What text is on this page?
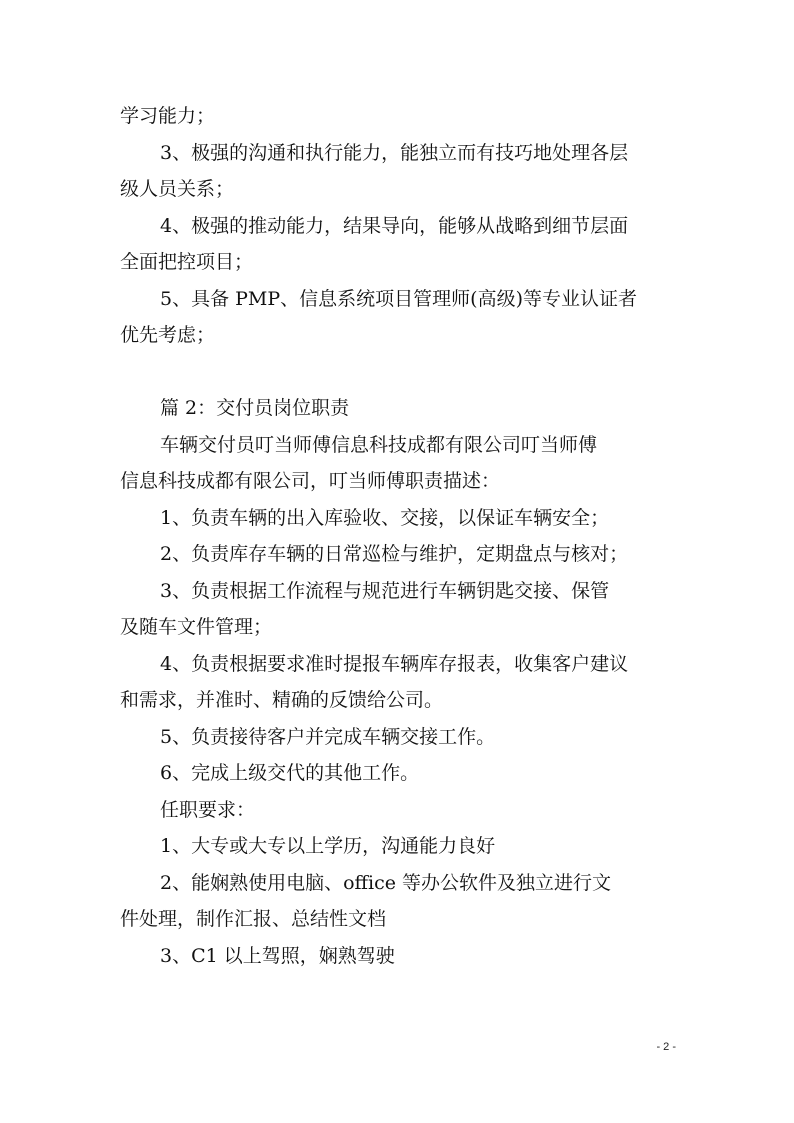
学习能力；
3、极强的沟通和执行能力，能独立而有技巧地处理各层
级人员关系；
4、极强的推动能力，结果导向，能够从战略到细节层面
全面把控项目；
5、具备 PMP、信息系统项目管理师(高级)等专业认证者
优先考虑；
篇 2：交付员岗位职责
车辆交付员叮当师傅信息科技成都有限公司叮当师傅
信息科技成都有限公司，叮当师傅职责描述：
1、负责车辆的出入库验收、交接，以保证车辆安全；
2、负责库存车辆的日常巡检与维护，定期盘点与核对；
3、负责根据工作流程与规范进行车辆钥匙交接、保管
及随车文件管理；
4、负责根据要求准时提报车辆库存报表，收集客户建议
和需求，并准时、精确的反馈给公司。
5、负责接待客户并完成车辆交接工作。
6、完成上级交代的其他工作。
任职要求：
1、大专或大专以上学历，沟通能力良好
2、能娴熟使用电脑、office 等办公软件及独立进行文
件处理，制作汇报、总结性文档
3、C1 以上驾照，娴熟驾驶
- 2 -
